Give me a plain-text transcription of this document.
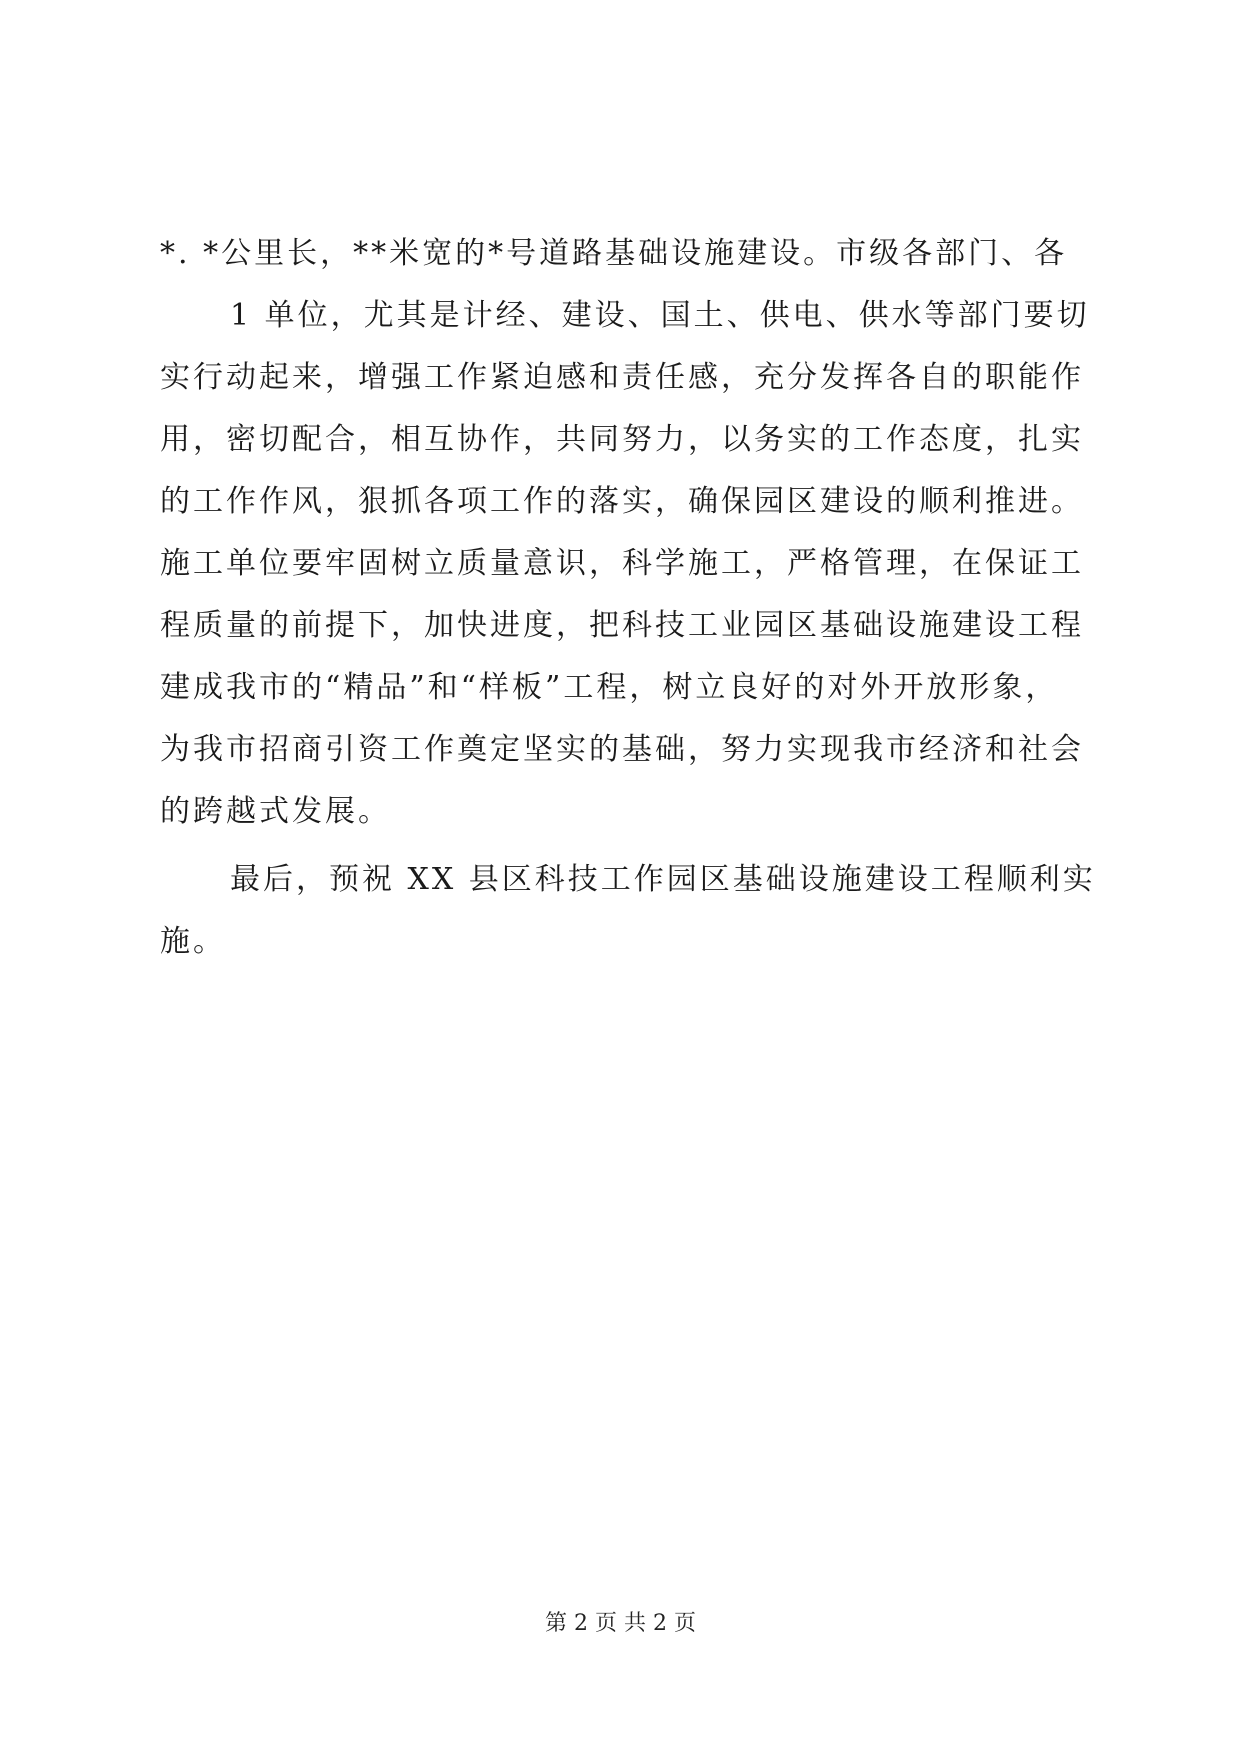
*. *公里长，**米宽的*号道路基础设施建设。市级各部门、各
1 单位，尤其是计经、建设、国土、供电、供水等部门要切
实行动起来，增强工作紧迫感和责任感，充分发挥各自的职能作
用，密切配合，相互协作，共同努力，以务实的工作态度，扎实
的工作作风，狠抓各项工作的落实，确保园区建设的顺利推进。
施工单位要牢固树立质量意识，科学施工，严格管理，在保证工
程质量的前提下，加快进度，把科技工业园区基础设施建设工程
建成我市的“精品”和“样板”工程，树立良好的对外开放形象，
为我市招商引资工作奠定坚实的基础，努力实现我市经济和社会
的跨越式发展。
最后，预祝 XX 县区科技工作园区基础设施建设工程顺利实
施。
第 2 页 共 2 页
